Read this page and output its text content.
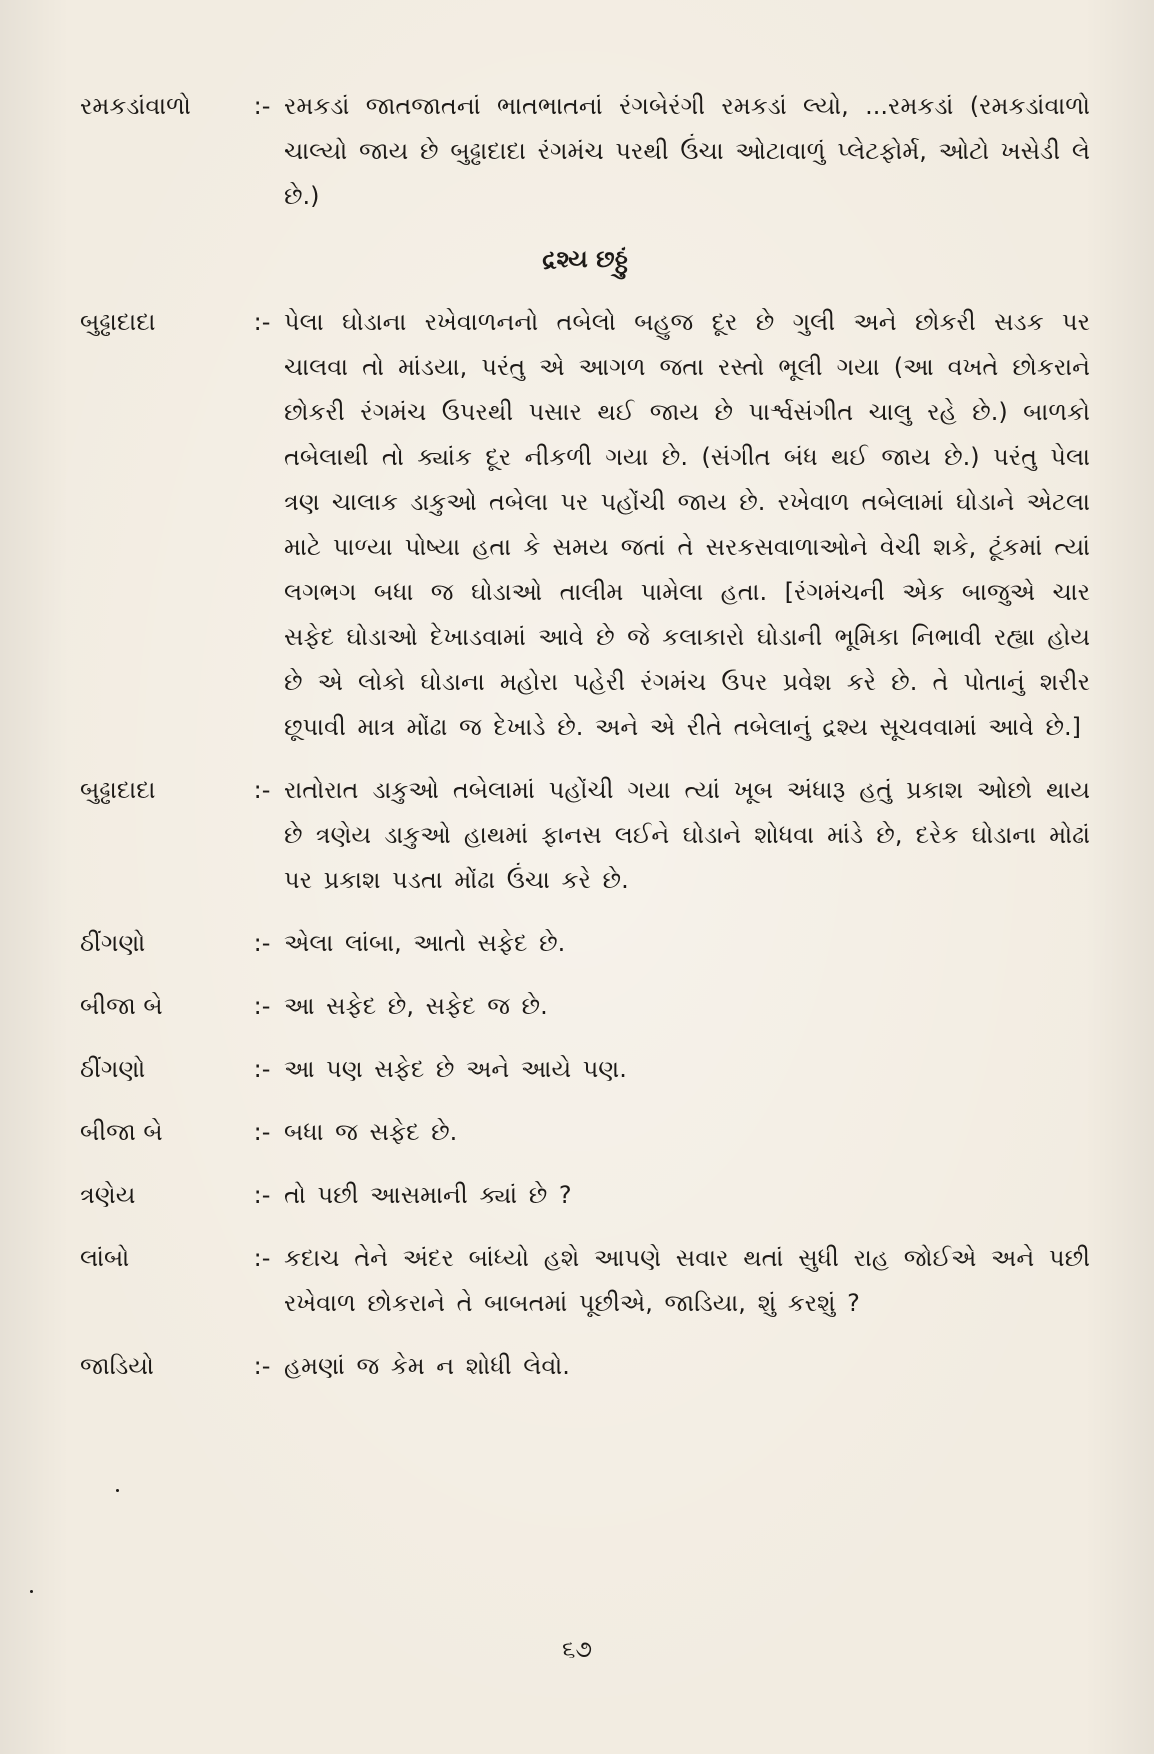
રમકડાંવાળો	:- રમકડાં જાતજાતનાં ભાતભાતનાં રંગબેરંગી રમકડાં લ્યો, ...રમકડાં (રમકડાંવાળો ચાલ્યો જાય છે બુઢ્ઢાદાદા રંગમંચ પરથી ઉંચા ઓટાવાળું પ્લેટફોર્મ, ઓટો ખસેડી લે છે.)
દ્રશ્ય છઠ્ઠું
બુઢ્ઢાદાદા	:- પેલા ઘોડાના રખેવાળનનો તબેલો બહુજ દૂર છે ગુલી અને છોકરી સડક પર ચાલવા તો માંડયા, પરંતુ એ આગળ જતા રસ્તો ભૂલી ગયા (આ વખતે છોકરાને છોકરી રંગમંચ ઉપરથી પસાર થઈ જાય છે પાર્શ્વસંગીત ચાલુ રહે છે.) બાળકો તબેલાથી તો ક્યાંક દૂર નીકળી ગયા છે. (સંગીત બંધ થઈ જાય છે.) પરંતુ પેલા ત્રણ ચાલાક ડાકુઓ તબેલા પર પહોંચી જાય છે. રખેવાળ તબેલામાં ઘોડાને એટલા માટે પાળ્યા પોષ્યા હતા કે સમય જતાં તે સરકસવાળાઓને વેચી શકે, ટૂંકમાં ત્યાં લગભગ બધા જ ઘોડાઓ તાલીમ પામેલા હતા. [રંગમંચની એક બાજુએ ચાર સફેદ ઘોડાઓ દેખાડવામાં આવે છે જે કલાકારો ઘોડાની ભૂમિકા નિભાવી રહ્યા હોય છે એ લોકો ઘોડાના મહોરા પહેરી રંગમંચ ઉપર પ્રવેશ કરે છે. તે પોતાનું શરીર છૂપાવી માત્ર મોંઢા જ દેખાડે છે. અને એ રીતે તબેલાનું દ્રશ્ય સૂચવવામાં આવે છે.]
બુઢ્ઢાદાદા	:- રાતોરાત ડાકુઓ તબેલામાં પહોંચી ગયા ત્યાં ખૂબ અંધારૂ હતું પ્રકાશ ઓછો થાય છે ત્રણેય ડાકુઓ હાથમાં ફાનસ લઈને ઘોડાને શોધવા માંડે છે, દરેક ઘોડાના મોઢાં પર પ્રકાશ પડતા મોંઢા ઉંચા કરે છે.
ઠીંગણો	:- એલા લાંબા, આતો સફેદ છે.
બીજા બે	:- આ સફેદ છે, સફેદ જ છે.
ઠીંગણો	:- આ પણ સફેદ છે અને આયે પણ.
બીજા બે	:- બધા જ સફેદ છે.
ત્રણેય	:- તો પછી આસમાની ક્યાં છે ?
લાંબો	:- કદાચ તેને અંદર બાંધ્યો હશે આપણે સવાર થતાં સુધી રાહ જોઈએ અને પછી રખેવાળ છોકરાને તે બાબતમાં પૂછીએ, જાડિયા, શું કરશું ?
જાડિયો	:- હમણાં જ કેમ ન શોધી લેવો.
૬૭
